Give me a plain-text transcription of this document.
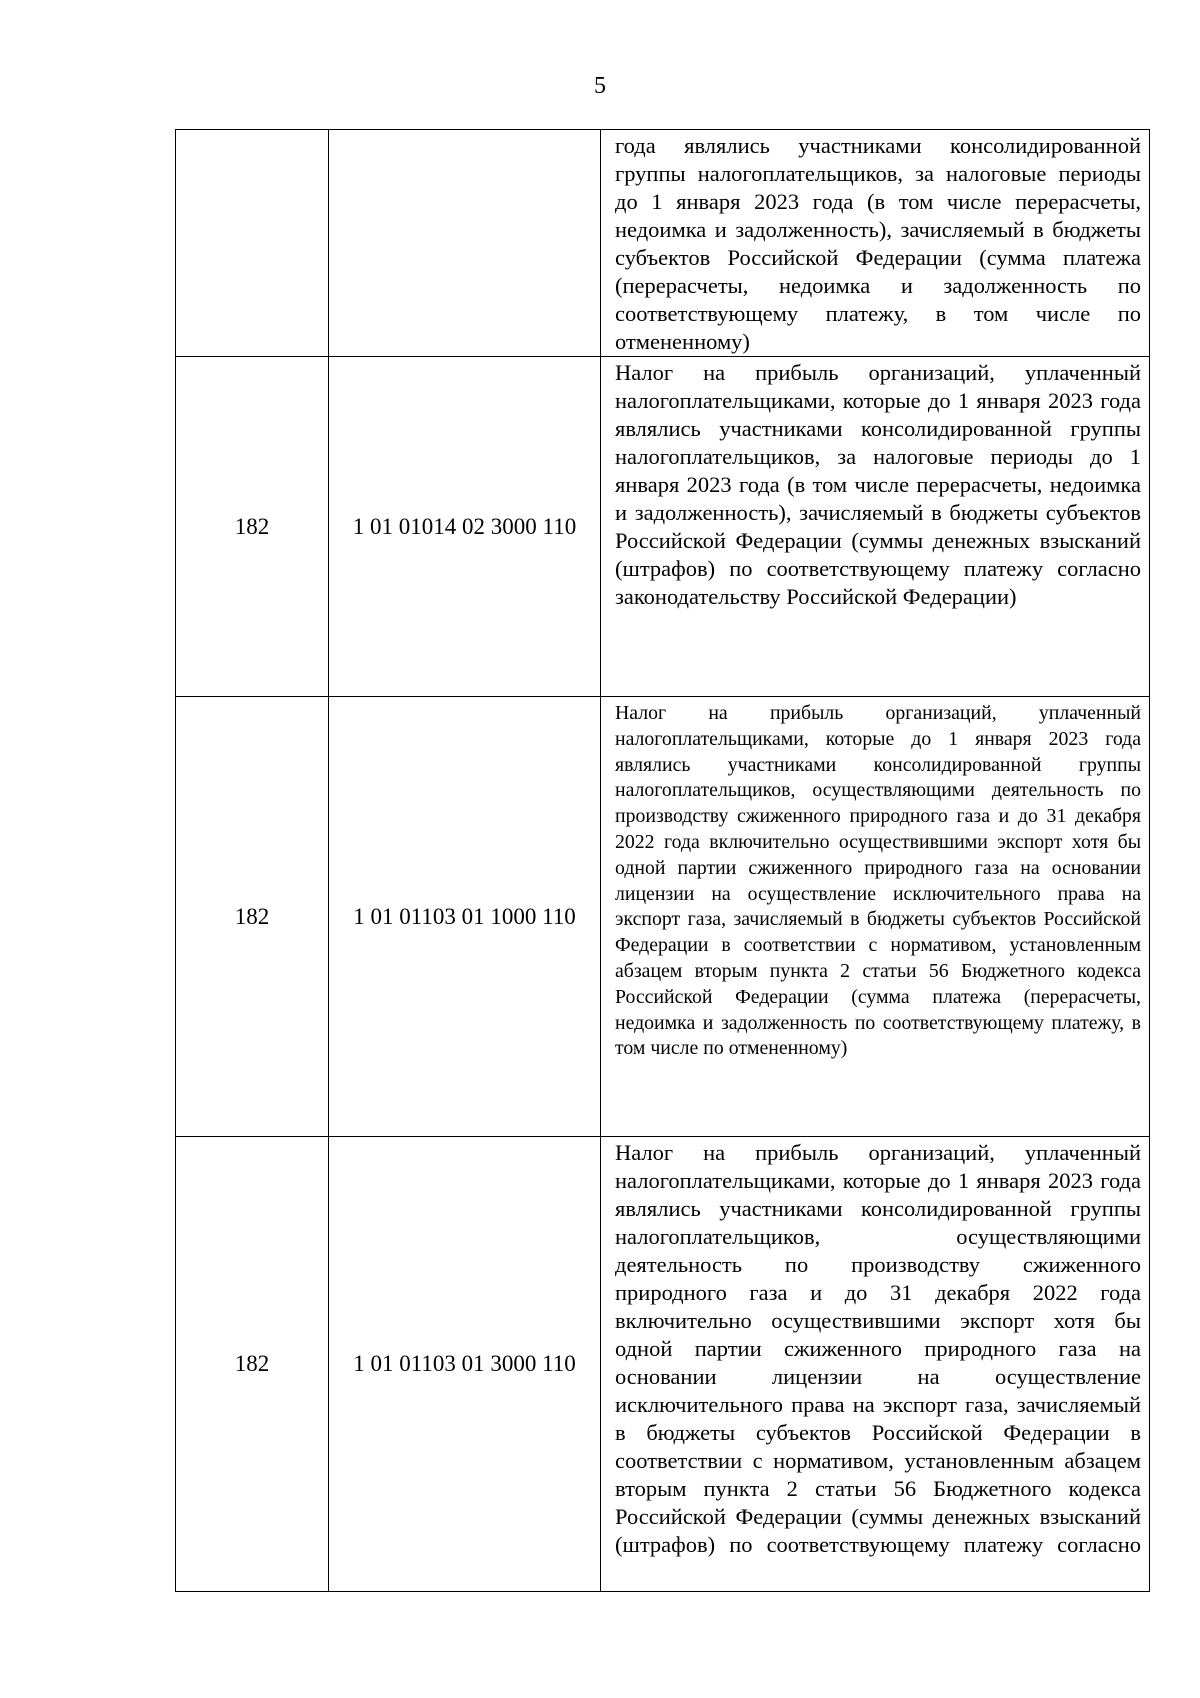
5

		года являлись участниками консолидированной группы налогоплательщиков, за налоговые периоды до 1 января 2023 года (в том числе перерасчеты, недоимка и задолженность), зачисляемый в бюджеты субъектов Российской Федерации (сумма платежа (перерасчеты, недоимка и задолженность по соответствующему платежу, в том числе по отмененному)

182	1 01 01014 02 3000 110	Налог на прибыль организаций, уплаченный налогоплательщиками, которые до 1 января 2023 года являлись участниками консолидированной группы налогоплательщиков, за налоговые периоды до 1 января 2023 года (в том числе перерасчеты, недоимка и задолженность), зачисляемый в бюджеты субъектов Российской Федерации (суммы денежных взысканий (штрафов) по соответствующему платежу согласно законодательству Российской Федерации)

182	1 01 01103 01 1000 110	Налог на прибыль организаций, уплаченный налогоплательщиками, которые до 1 января 2023 года являлись участниками консолидированной группы налогоплательщиков, осуществляющими деятельность по производству сжиженного природного газа и до 31 декабря 2022 года включительно осуществившими экспорт хотя бы одной партии сжиженного природного газа на основании лицензии на осуществление исключительного права на экспорт газа, зачисляемый в бюджеты субъектов Российской Федерации в соответствии с нормативом, установленным абзацем вторым пункта 2 статьи 56 Бюджетного кодекса Российской Федерации (сумма платежа (перерасчеты, недоимка и задолженность по соответствующему платежу, в том числе по отмененному)

182	1 01 01103 01 3000 110	Налог на прибыль организаций, уплаченный налогоплательщиками, которые до 1 января 2023 года являлись участниками консолидированной группы налогоплательщиков, осуществляющими деятельность по производству сжиженного природного газа и до 31 декабря 2022 года включительно осуществившими экспорт хотя бы одной партии сжиженного природного газа на основании лицензии на осуществление исключительного права на экспорт газа, зачисляемый в бюджеты субъектов Российской Федерации в соответствии с нормативом, установленным абзацем вторым пункта 2 статьи 56 Бюджетного кодекса Российской Федерации (суммы денежных взысканий (штрафов) по соответствующему платежу согласно
